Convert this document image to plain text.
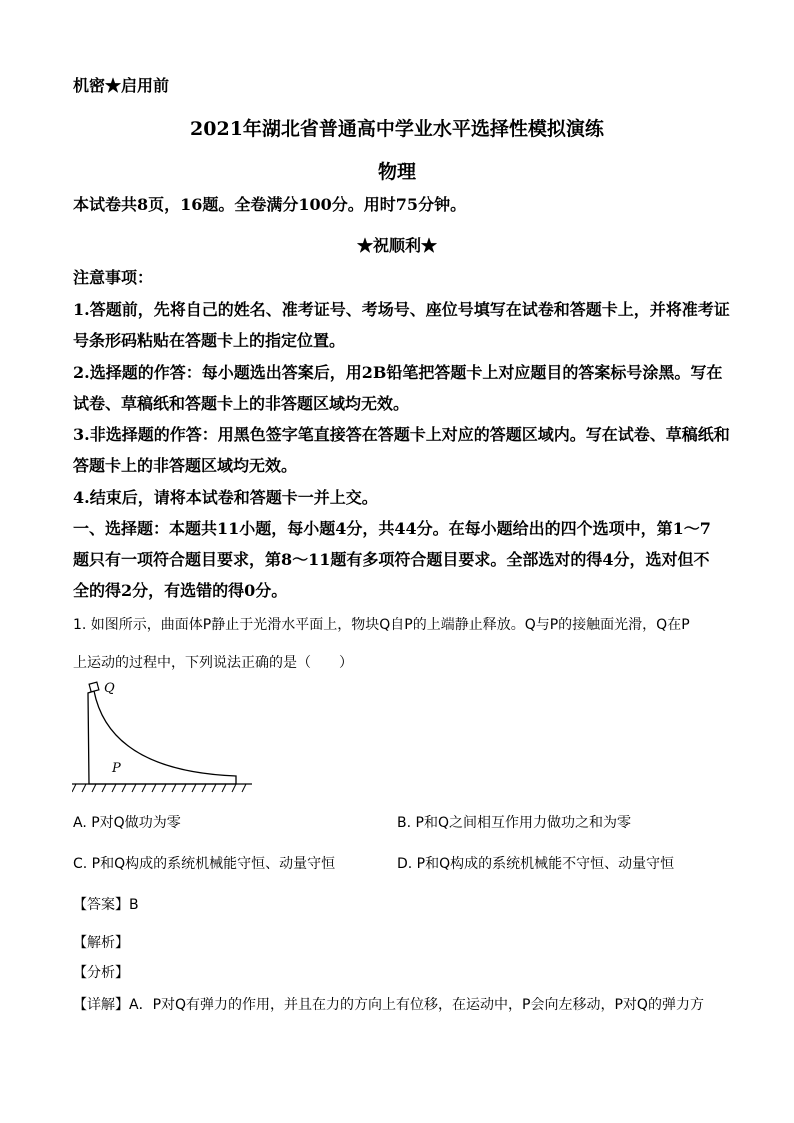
机密★启用前
2021年湖北省普通高中学业水平选择性模拟演练
物理
本试卷共8页，16题。全卷满分100分。用时75分钟。
★祝顺利★
注意事项：
1.答题前，先将自己的姓名、准考证号、考场号、座位号填写在试卷和答题卡上，并将准考证
号条形码粘贴在答题卡上的指定位置。
2.选择题的作答：每小题选出答案后，用2B铅笔把答题卡上对应题目的答案标号涂黑。写在
试卷、草稿纸和答题卡上的非答题区域均无效。
3.非选择题的作答：用黑色签字笔直接答在答题卡上对应的答题区域内。写在试卷、草稿纸和
答题卡上的非答题区域均无效。
4.结束后，请将本试卷和答题卡一并上交。
一、选择题：本题共11小题，每小题4分，共44分。在每小题给出的四个选项中，第1～7
题只有一项符合题目要求，第8～11题有多项符合题目要求。全部选对的得4分，选对但不
全的得2分，有选错的得0分。
1. 如图所示，曲面体P静止于光滑水平面上，物块Q自P的上端静止释放。Q与P的接触面光滑，Q在P
上运动的过程中，下列说法正确的是（　　）
Q
P
A. P对Q做功为零	B. P和Q之间相互作用力做功之和为零
C. P和Q构成的系统机械能守恒、动量守恒	D. P和Q构成的系统机械能不守恒、动量守恒
【答案】B
【解析】
【分析】
【详解】A．P对Q有弹力的作用，并且在力的方向上有位移，在运动中，P会向左移动，P对Q的弹力方
